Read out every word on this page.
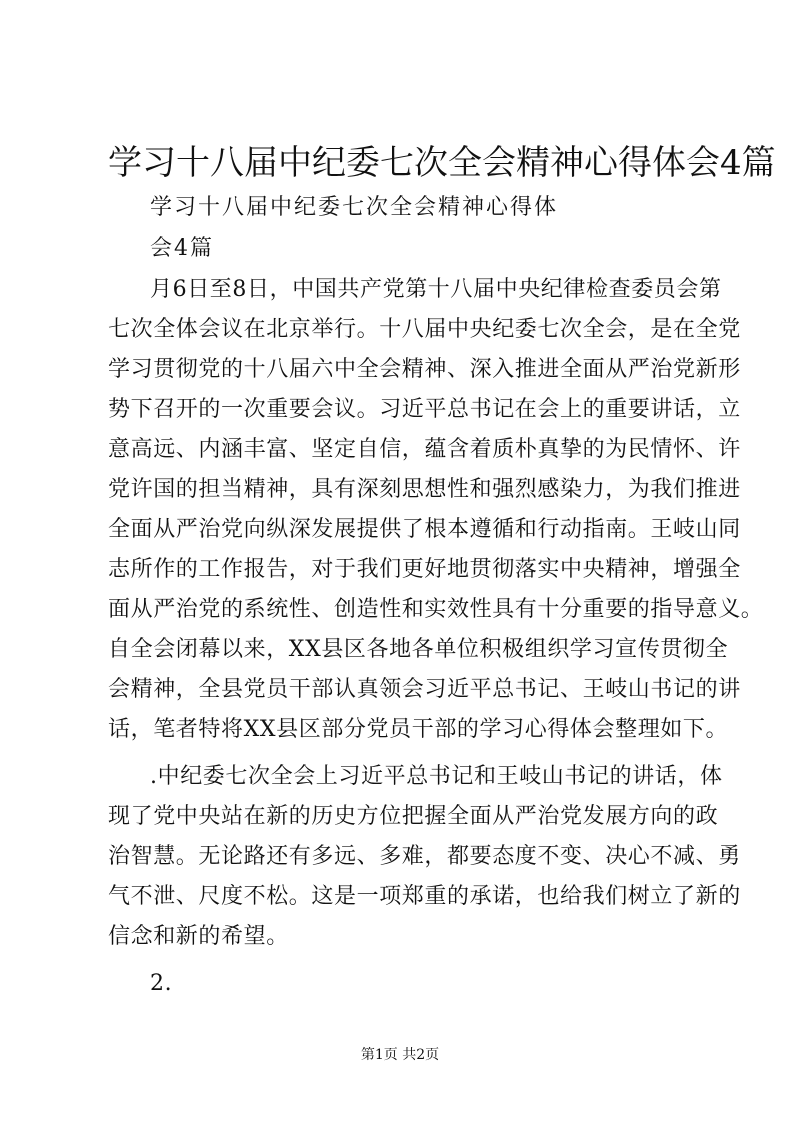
学习十八届中纪委七次全会精神心得体会4篇
学习十八届中纪委七次全会精神心得体
会4篇
月6日至8日，中国共产党第十八届中央纪律检查委员会第
七次全体会议在北京举行。十八届中央纪委七次全会，是在全党
学习贯彻党的十八届六中全会精神、深入推进全面从严治党新形
势下召开的一次重要会议。习近平总书记在会上的重要讲话，立
意高远、内涵丰富、坚定自信，蕴含着质朴真挚的为民情怀、许
党许国的担当精神，具有深刻思想性和强烈感染力，为我们推进
全面从严治党向纵深发展提供了根本遵循和行动指南。王岐山同
志所作的工作报告，对于我们更好地贯彻落实中央精神，增强全
面从严治党的系统性、创造性和实效性具有十分重要的指导意义。
自全会闭幕以来，XX县区各地各单位积极组织学习宣传贯彻全
会精神，全县党员干部认真领会习近平总书记、王岐山书记的讲
话，笔者特将XX县区部分党员干部的学习心得体会整理如下。
.中纪委七次全会上习近平总书记和王岐山书记的讲话，体
现了党中央站在新的历史方位把握全面从严治党发展方向的政
治智慧。无论路还有多远、多难，都要态度不变、决心不减、勇
气不泄、尺度不松。这是一项郑重的承诺，也给我们树立了新的
信念和新的希望。
2.
第1页 共2页
